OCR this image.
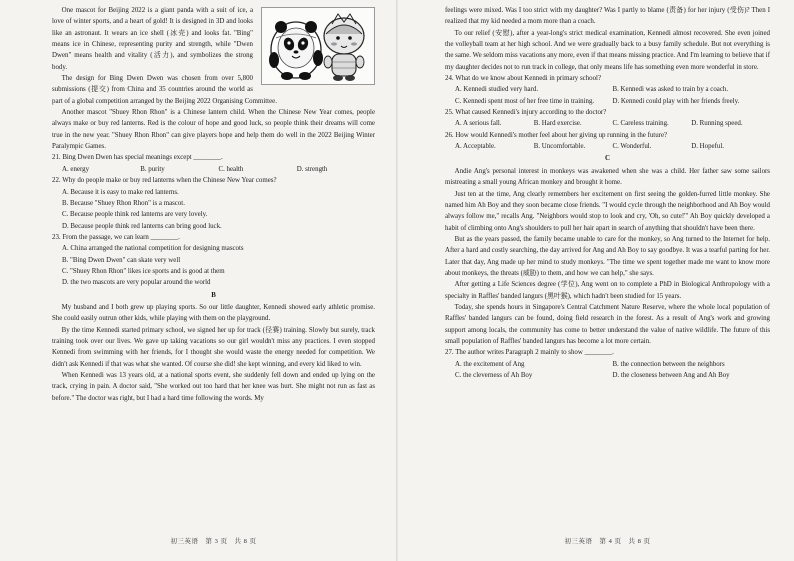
One mascot for Beijing 2022 is a giant panda with a suit of ice, a love of winter sports, and a heart of gold! It is designed in 3D and looks like an astronaut. It wears an ice shell (冰壳) and looks fat. "Bing" means ice in Chinese, representing purity and strength, while "Dwen Dwen" means health and vitality (活力), and symbolizes the strong body.

The design for Bing Dwen Dwen was chosen from over 5,800 submissions (提交) from China and 35 countries around the world as part of a global competition arranged by the Beijing 2022 Organising Committee.

Another mascot "Shuey Rhon Rhon" is a Chinese lantern child. When the Chinese New Year comes, people always make or buy red lanterns. Red is the colour of hope and good luck, so people think their dreams will come true in the new year. "Shuey Rhon Rhon" can give players hope and help them do well in the 2022 Beijing Winter Paralympic Games.

21. Bing Dwen Dwen has special meanings except ________.
A. energy	B. purity	C. health	D. strength
22. Why do people make or buy red lanterns when the Chinese New Year comes?
A. Because it is easy to make red lanterns.
B. Because "Shuey Rhon Rhon" is a mascot.
C. Because people think red lanterns are very lovely.
D. Because people think red lanterns can bring good luck.
23. From the passage, we can learn ________.
A. China arranged the national competition for designing mascots
B. "Bing Dwen Dwen" can skate very well
C. "Shuey Rhon Rhon" likes ice sports and is good at them
D. the two mascots are very popular around the world
B

My husband and I both grew up playing sports. So our little daughter, Kennedi showed early athletic promise. She could easily outrun other kids, while playing with them on the playground.

By the time Kennedi started primary school, we signed her up for track (径赛) training. Slowly but surely, track training took over our lives. We gave up taking vacations so our girl wouldn't miss any practices. I even stopped Kennedi from swimming with her friends, for I thought she would waste the energy needed for competition. We didn't ask Kennedi if that was what she wanted. Of course she did! she kept winning, and every kid liked to win.

When Kennedi was 13 years old, at a national sports event, she suddenly fell down and ended up lying on the track, crying in pain. A doctor said, "She worked out too hard that her knee was hurt. She might not run as fast as before." The doctor was right, but I had a hard time following the words. My

初三英语　第 3 页　共 8 页

feelings were mixed. Was I too strict with my daughter? Was I partly to blame (责备) for her injury (受伤)? Then I realized that my kid needed a mom more than a coach.

To our relief (安慰), after a year-long's strict medical examination, Kennedi almost recovered. She even joined the volleyball team at her high school. And we were gradually back to a busy family schedule. But not everything is the same. We seldom miss vacations any more, even if that means missing practice. And I'm learning to believe that if my daughter decides not to run track in college, that only means life has something even more wonderful in store.

24. What do we know about Kennedi in primary school?
A. Kennedi studied very hard.	B. Kennedi was asked to train by a coach.
C. Kennedi spent most of her free time in training.	D. Kennedi could play with her friends freely.
25. What caused Kennedi's injury according to the doctor?
A. A serious fall.	B. Hard exercise.	C. Careless training.	D. Running speed.
26. How would Kennedi's mother feel about her giving up running in the future?
A. Acceptable.	B. Uncomfortable.	C. Wonderful.	D. Hopeful.
C

Andie Ang's personal interest in monkeys was awakened when she was a child. Her father saw some sailors mistreating a small young African monkey and brought it home.

Just ten at the time, Ang clearly remembers her excitement on first seeing the golden-furred little monkey. She named him Ah Boy and they soon became close friends. "I would cycle through the neighborhood and Ah Boy would always follow me," recalls Ang. "Neighbors would stop to look and cry, 'Oh, so cute!'" Ah Boy quickly developed a habit of climbing onto Ang's shoulders to pull her hair apart in search of anything that shouldn't have been there.

But as the years passed, the family became unable to care for the monkey, so Ang turned to the Internet for help. After a hard and costly searching, the day arrived for Ang and Ah Boy to say goodbye. It was a tearful parting for her. Later that day, Ang made up her mind to study monkeys. "The time we spent together made me want to know more about monkeys, the threats (威胁) to them, and how we can help," she says.

After getting a Life Sciences degree (学位), Ang went on to complete a PhD in Biological Anthropology with a specialty in Raffles' banded langurs (黑叶猴), which hadn't been studied for 15 years.

Today, she spends hours in Singapore's Central Catchment Nature Reserve, where the whole local population of Raffles' banded langurs can be found, doing field research in the forest. As a result of Ang's work and growing support among locals, the community has come to better understand the value of native wildlife. The future of this small population of Raffles' banded langurs has become a lot more certain.

27. The author writes Paragraph 2 mainly to show ________.
A. the excitement of Ang	B. the connection between the neighbors
C. the cleverness of Ah Boy	D. the closeness between Ang and Ah Boy
初三英语　第 4 页　共 8 页
